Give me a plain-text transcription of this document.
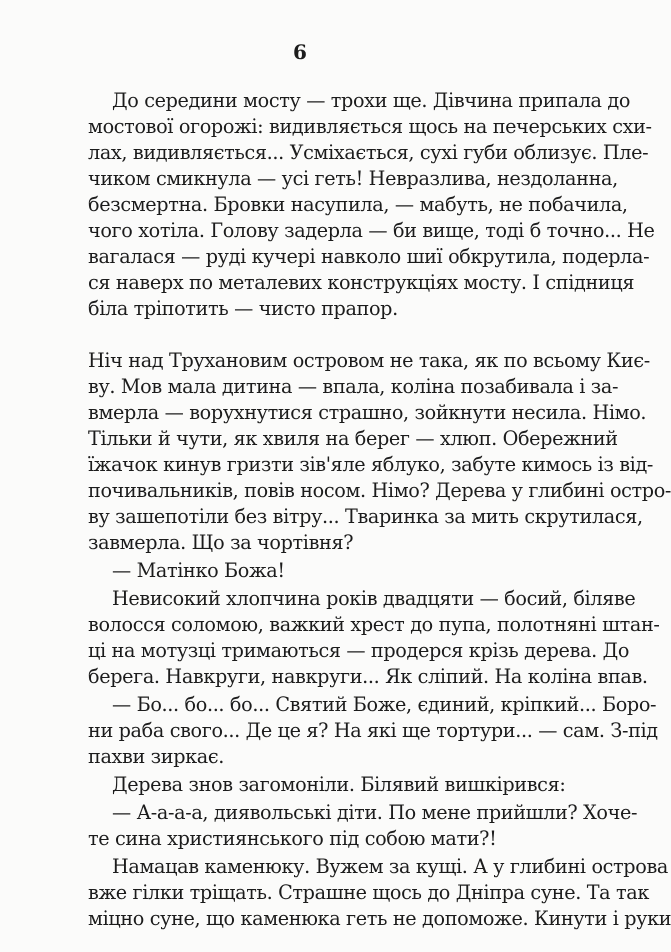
6
До середини мосту — трохи ще. Дівчина припала до
мостової огорожі: видивляється щось на печерських схи-
лах, видивляється... Усміхається, сухі губи облизує. Пле-
чиком смикнула — усі геть! Невразлива, нездоланна,
безсмертна. Бровки насупила, — мабуть, не побачила,
чого хотіла. Голову задерла — би вище, тоді б точно... Не
вагалася — руді кучері навколо шиї обкрутила, подерла-
ся наверх по металевих конструкціях мосту. І спідниця
біла тріпотить — чисто прапор.
Ніч над Трухановим островом не така, як по всьому Киє-
ву. Мов мала дитина — впала, коліна позабивала і за-
вмерла — ворухнутися страшно, зойкнути несила. Німо.
Тільки й чути, як хвиля на берег — хлюп. Обережний
їжачок кинув гризти зів'яле яблуко, забуте кимось із від-
почивальників, повів носом. Німо? Дерева у глибині остро-
ву зашепотіли без вітру... Тваринка за мить скрутилася,
завмерла. Що за чортівня?
— Матінко Божа!
Невисокий хлопчина років двадцяти — босий, біляве
волосся соломою, важкий хрест до пупа, полотняні штан-
ці на мотузці тримаються — продерся крізь дерева. До
берега. Навкруги, навкруги... Як сліпий. На коліна впав.
— Бо... бо... бо... Святий Боже, єдиний, кріпкий... Боро-
ни раба свого... Де це я? На які ще тортури... — сам. З-під
пахви зиркає.
Дерева знов загомоніли. Білявий вишкірився:
— А-а-а-а, диявольські діти. По мене прийшли? Хоче-
те сина християнського під собою мати?!
Намацав каменюку. Вужем за кущі. А у глибині острова
вже гілки тріщать. Страшне щось до Дніпра суне. Та так
міцно суне, що каменюка геть не допоможе. Кинути і руки
